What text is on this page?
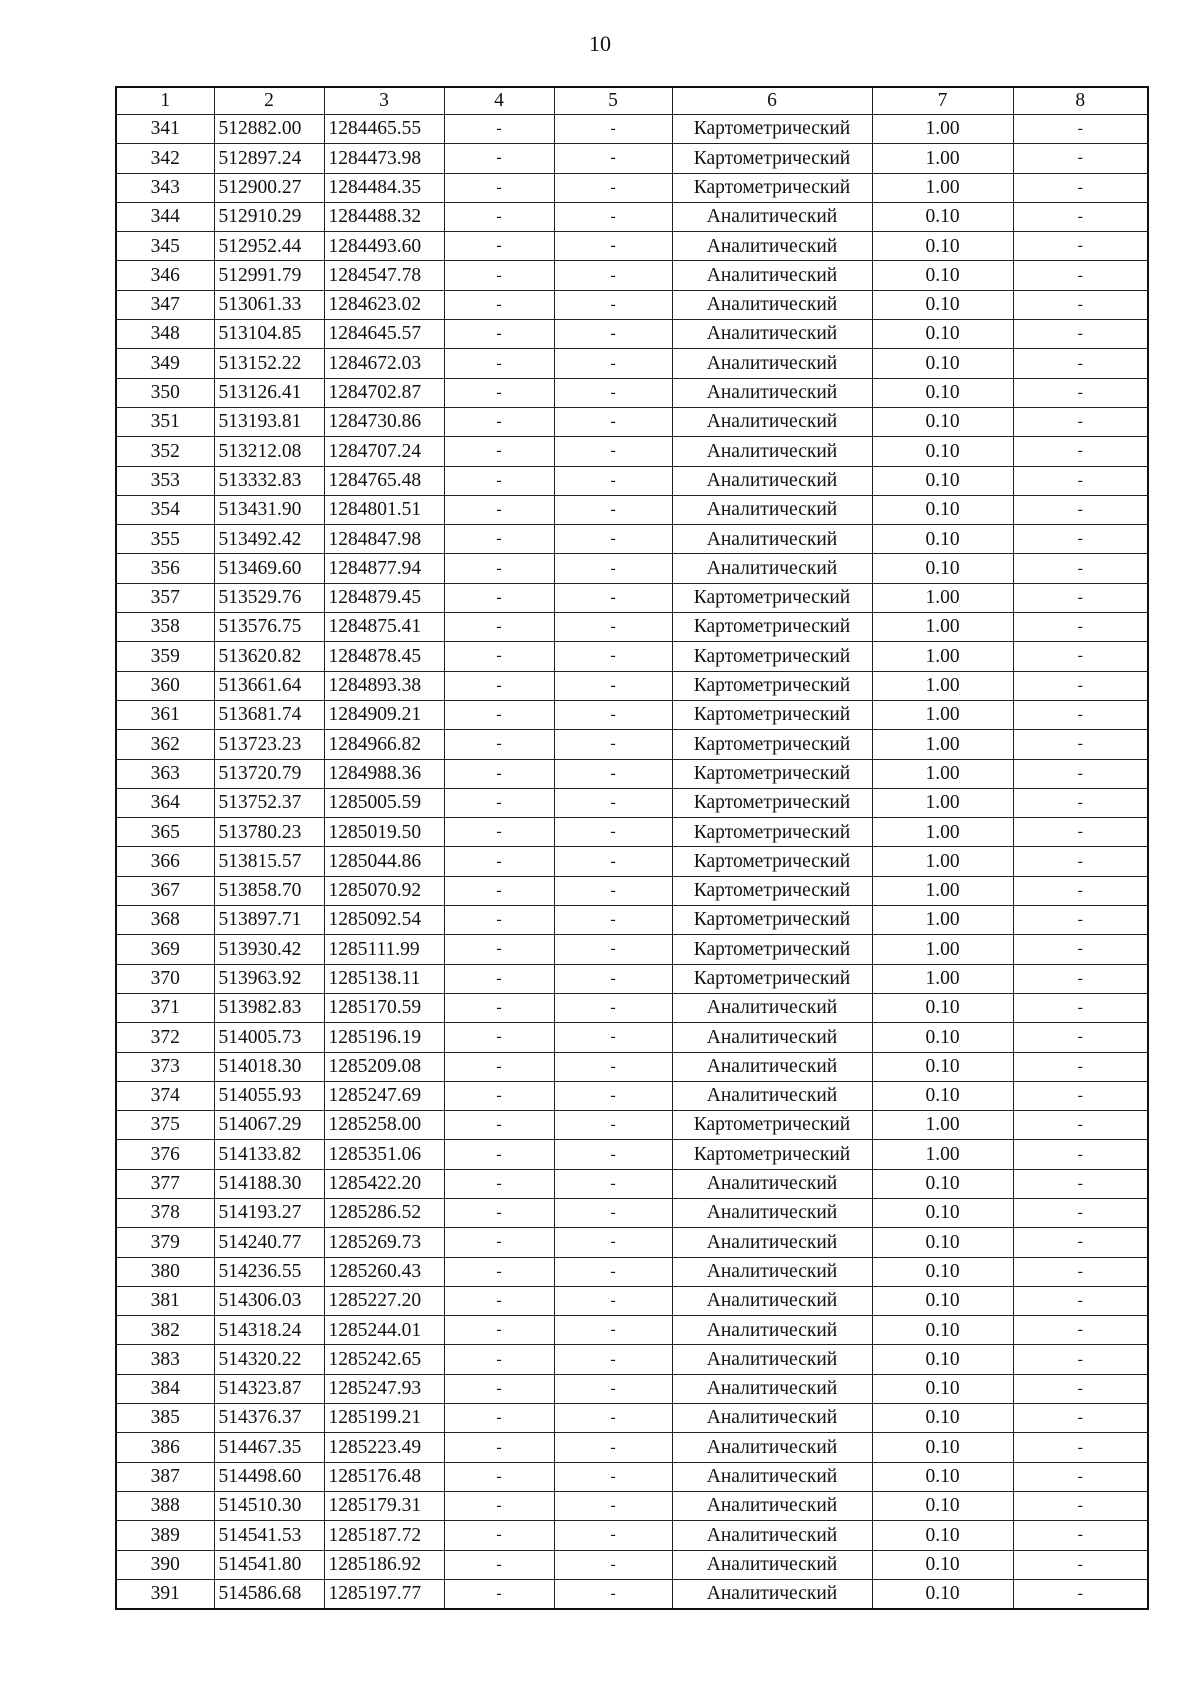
10
1	2	3	4	5	6	7	8
341	512882.00	1284465.55	-	-	Картометрический	1.00	-
342	512897.24	1284473.98	-	-	Картометрический	1.00	-
343	512900.27	1284484.35	-	-	Картометрический	1.00	-
344	512910.29	1284488.32	-	-	Аналитический	0.10	-
345	512952.44	1284493.60	-	-	Аналитический	0.10	-
346	512991.79	1284547.78	-	-	Аналитический	0.10	-
347	513061.33	1284623.02	-	-	Аналитический	0.10	-
348	513104.85	1284645.57	-	-	Аналитический	0.10	-
349	513152.22	1284672.03	-	-	Аналитический	0.10	-
350	513126.41	1284702.87	-	-	Аналитический	0.10	-
351	513193.81	1284730.86	-	-	Аналитический	0.10	-
352	513212.08	1284707.24	-	-	Аналитический	0.10	-
353	513332.83	1284765.48	-	-	Аналитический	0.10	-
354	513431.90	1284801.51	-	-	Аналитический	0.10	-
355	513492.42	1284847.98	-	-	Аналитический	0.10	-
356	513469.60	1284877.94	-	-	Аналитический	0.10	-
357	513529.76	1284879.45	-	-	Картометрический	1.00	-
358	513576.75	1284875.41	-	-	Картометрический	1.00	-
359	513620.82	1284878.45	-	-	Картометрический	1.00	-
360	513661.64	1284893.38	-	-	Картометрический	1.00	-
361	513681.74	1284909.21	-	-	Картометрический	1.00	-
362	513723.23	1284966.82	-	-	Картометрический	1.00	-
363	513720.79	1284988.36	-	-	Картометрический	1.00	-
364	513752.37	1285005.59	-	-	Картометрический	1.00	-
365	513780.23	1285019.50	-	-	Картометрический	1.00	-
366	513815.57	1285044.86	-	-	Картометрический	1.00	-
367	513858.70	1285070.92	-	-	Картометрический	1.00	-
368	513897.71	1285092.54	-	-	Картометрический	1.00	-
369	513930.42	1285111.99	-	-	Картометрический	1.00	-
370	513963.92	1285138.11	-	-	Картометрический	1.00	-
371	513982.83	1285170.59	-	-	Аналитический	0.10	-
372	514005.73	1285196.19	-	-	Аналитический	0.10	-
373	514018.30	1285209.08	-	-	Аналитический	0.10	-
374	514055.93	1285247.69	-	-	Аналитический	0.10	-
375	514067.29	1285258.00	-	-	Картометрический	1.00	-
376	514133.82	1285351.06	-	-	Картометрический	1.00	-
377	514188.30	1285422.20	-	-	Аналитический	0.10	-
378	514193.27	1285286.52	-	-	Аналитический	0.10	-
379	514240.77	1285269.73	-	-	Аналитический	0.10	-
380	514236.55	1285260.43	-	-	Аналитический	0.10	-
381	514306.03	1285227.20	-	-	Аналитический	0.10	-
382	514318.24	1285244.01	-	-	Аналитический	0.10	-
383	514320.22	1285242.65	-	-	Аналитический	0.10	-
384	514323.87	1285247.93	-	-	Аналитический	0.10	-
385	514376.37	1285199.21	-	-	Аналитический	0.10	-
386	514467.35	1285223.49	-	-	Аналитический	0.10	-
387	514498.60	1285176.48	-	-	Аналитический	0.10	-
388	514510.30	1285179.31	-	-	Аналитический	0.10	-
389	514541.53	1285187.72	-	-	Аналитический	0.10	-
390	514541.80	1285186.92	-	-	Аналитический	0.10	-
391	514586.68	1285197.77	-	-	Аналитический	0.10	-
